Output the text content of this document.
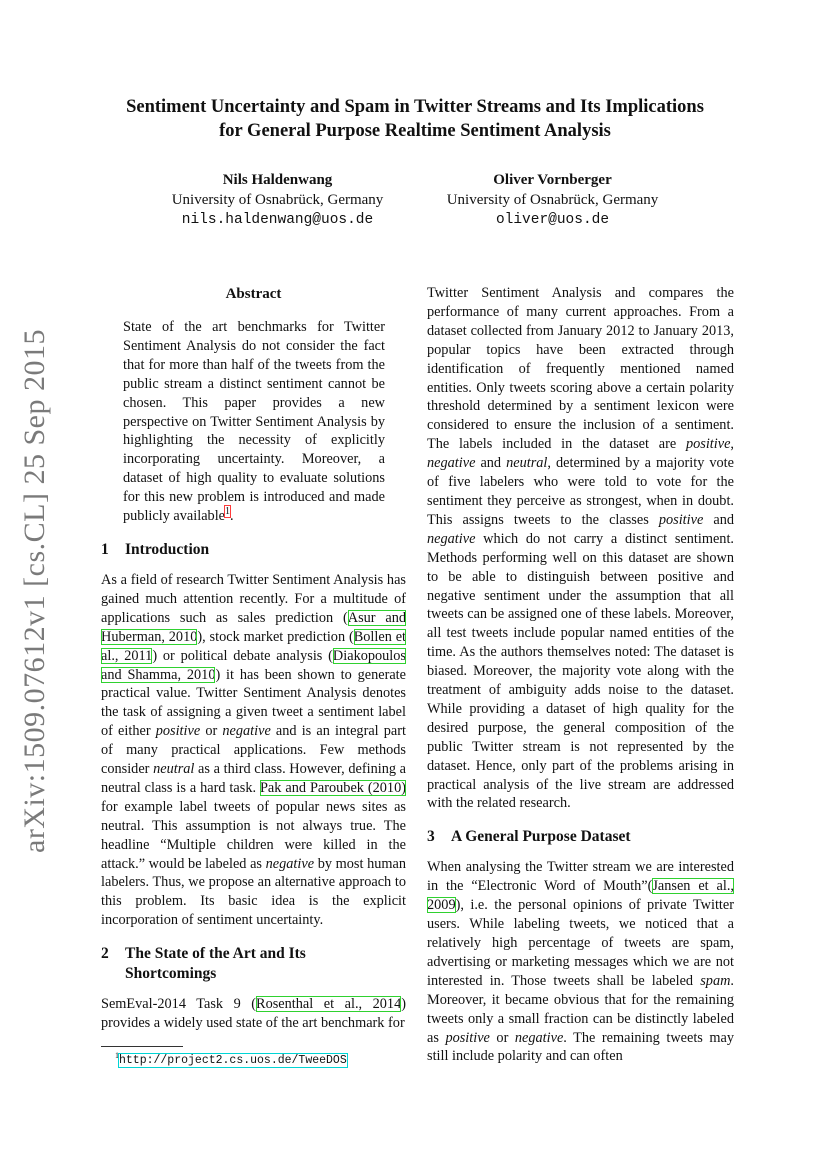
arXiv:1509.07612v1 [cs.CL] 25 Sep 2015
Sentiment Uncertainty and Spam in Twitter Streams and Its Implications
for General Purpose Realtime Sentiment Analysis
Nils Haldenwang
University of Osnabrück, Germany
nils.haldenwang@uos.de
Oliver Vornberger
University of Osnabrück, Germany
oliver@uos.de
Abstract

State of the art benchmarks for Twitter Sentiment Analysis do not consider the fact that for more than half of the tweets from the public stream a distinct sentiment cannot be chosen. This paper provides a new perspective on Twitter Sentiment Analysis by highlighting the necessity of explicitly incorporating uncertainty. Moreover, a dataset of high quality to evaluate solutions for this new problem is introduced and made publicly available$^1$.

1	Introduction

As a field of research Twitter Sentiment Analysis has gained much attention recently. For a multitude of applications such as sales prediction (Asur and Huberman, 2010), stock market prediction (Bollen et al., 2011) or political debate analysis (Diakopoulos and Shamma, 2010) it has been shown to generate practical value. Twitter Sentiment Analysis denotes the task of assigning a given tweet a sentiment label of either positive or negative and is an integral part of many practical applications. Few methods consider neutral as a third class. However, defining a neutral class is a hard task. Pak and Paroubek (2010) for example label tweets of popular news sites as neutral. This assumption is not always true. The headline “Multiple children were killed in the attack.” would be labeled as negative by most human labelers. Thus, we propose an alternative approach to this problem. Its basic idea is the explicit incorporation of sentiment uncertainty.

2	The State of the Art and Its
Shortcomings

SemEval-2014 Task 9 (Rosenthal et al., 2014) provides a widely used state of the art benchmark for

Twitter Sentiment Analysis and compares the performance of many current approaches. From a dataset collected from January 2012 to January 2013, popular topics have been extracted through identification of frequently mentioned named entities. Only tweets scoring above a certain polarity threshold determined by a sentiment lexicon were considered to ensure the inclusion of a sentiment. The labels included in the dataset are positive, negative and neutral, determined by a majority vote of five labelers who were told to vote for the sentiment they perceive as strongest, when in doubt. This assigns tweets to the classes positive and negative which do not carry a distinct sentiment. Methods performing well on this dataset are shown to be able to distinguish between positive and negative sentiment under the assumption that all tweets can be assigned one of these labels. Moreover, all test tweets include popular named entities of the time. As the authors themselves noted: The dataset is biased. Moreover, the majority vote along with the treatment of ambiguity adds noise to the dataset. While providing a dataset of high quality for the desired purpose, the general composition of the public Twitter stream is not represented by the dataset. Hence, only part of the problems arising in practical analysis of the live stream are addressed with the related research.

3	A General Purpose Dataset

When analysing the Twitter stream we are interested in the “Electronic Word of Mouth”(Jansen et al., 2009), i.e. the personal opinions of private Twitter users. While labeling tweets, we noticed that a relatively high percentage of tweets are spam, advertising or marketing messages which we are not interested in. Those tweets shall be labeled spam. Moreover, it became obvious that for the remaining tweets only a small fraction can be distinctly labeled as positive or negative. The remaining tweets may still include polarity and can often

$^1$http://project2.cs.uos.de/TweeDOS
